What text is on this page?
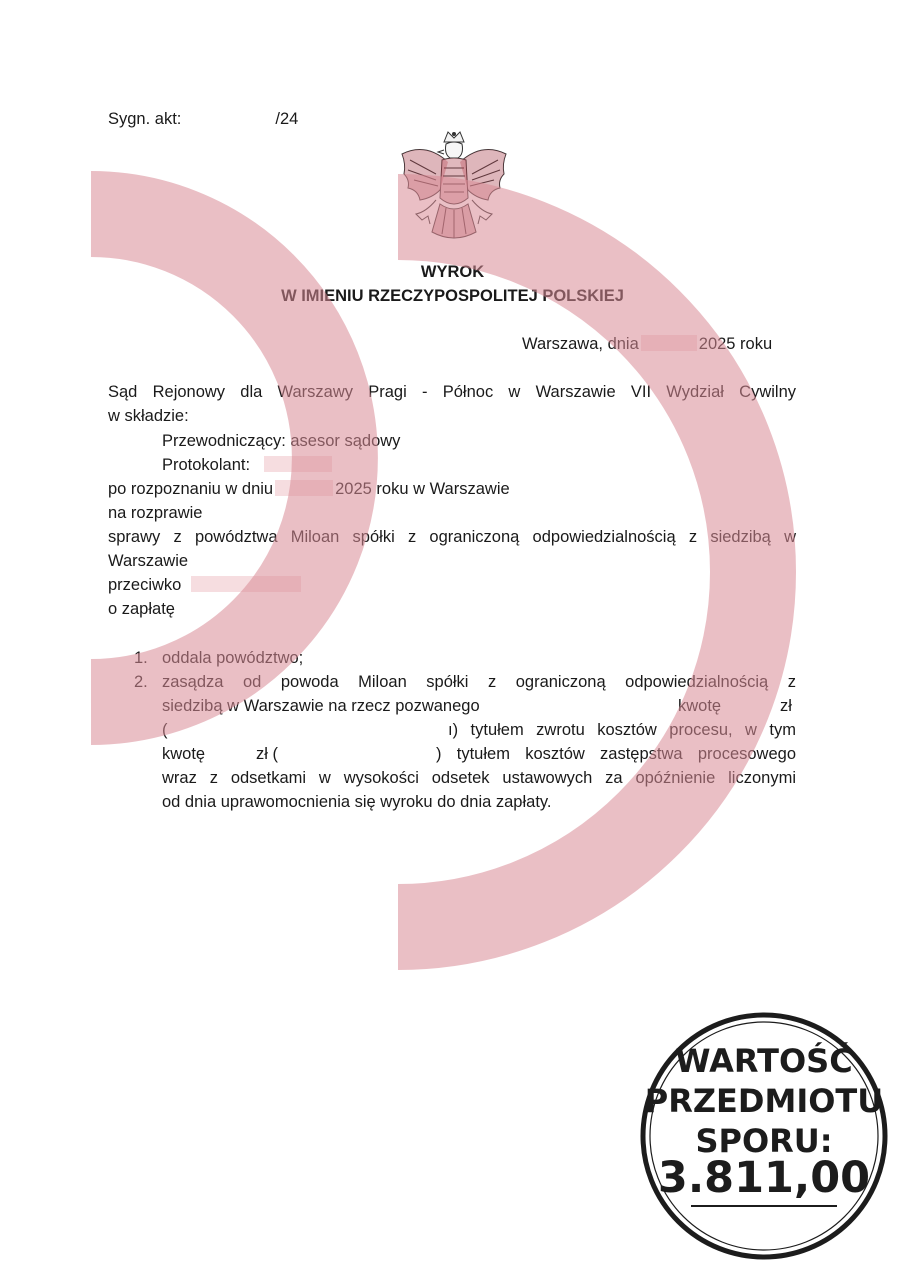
Sygn. akt:	/24
WYROK
W IMIENIU RZECZYPOSPOLITEJ POLSKIEJ
Warszawa, dnia	2025 roku
Sąd Rejonowy dla Warszawy Pragi - Północ w Warszawie VII Wydział Cywilny
w składzie:
Przewodniczący: asesor sądowy
Protokolant:
po rozpoznaniu w dniu	2025 roku w Warszawie
na rozprawie
sprawy z powództwa Miloan spółki z ograniczoną odpowiedzialnością z siedzibą w
Warszawie
przeciwko
o zapłatę
1. oddala powództwo;
2. zasądza od powoda Miloan spółki z ograniczoną odpowiedzialnością z
siedzibą w Warszawie na rzecz pozwanego	kwotę	zł
(	ı) tytułem zwrotu kosztów procesu, w tym
kwotę	zł (	) tytułem kosztów zastępstwa procesowego
wraz z odsetkami w wysokości odsetek ustawowych za opóźnienie liczonymi
od dnia uprawomocnienia się wyroku do dnia zapłaty.
WARTOŚĆ
PRZEDMIOTU
SPORU:
3.811,00
